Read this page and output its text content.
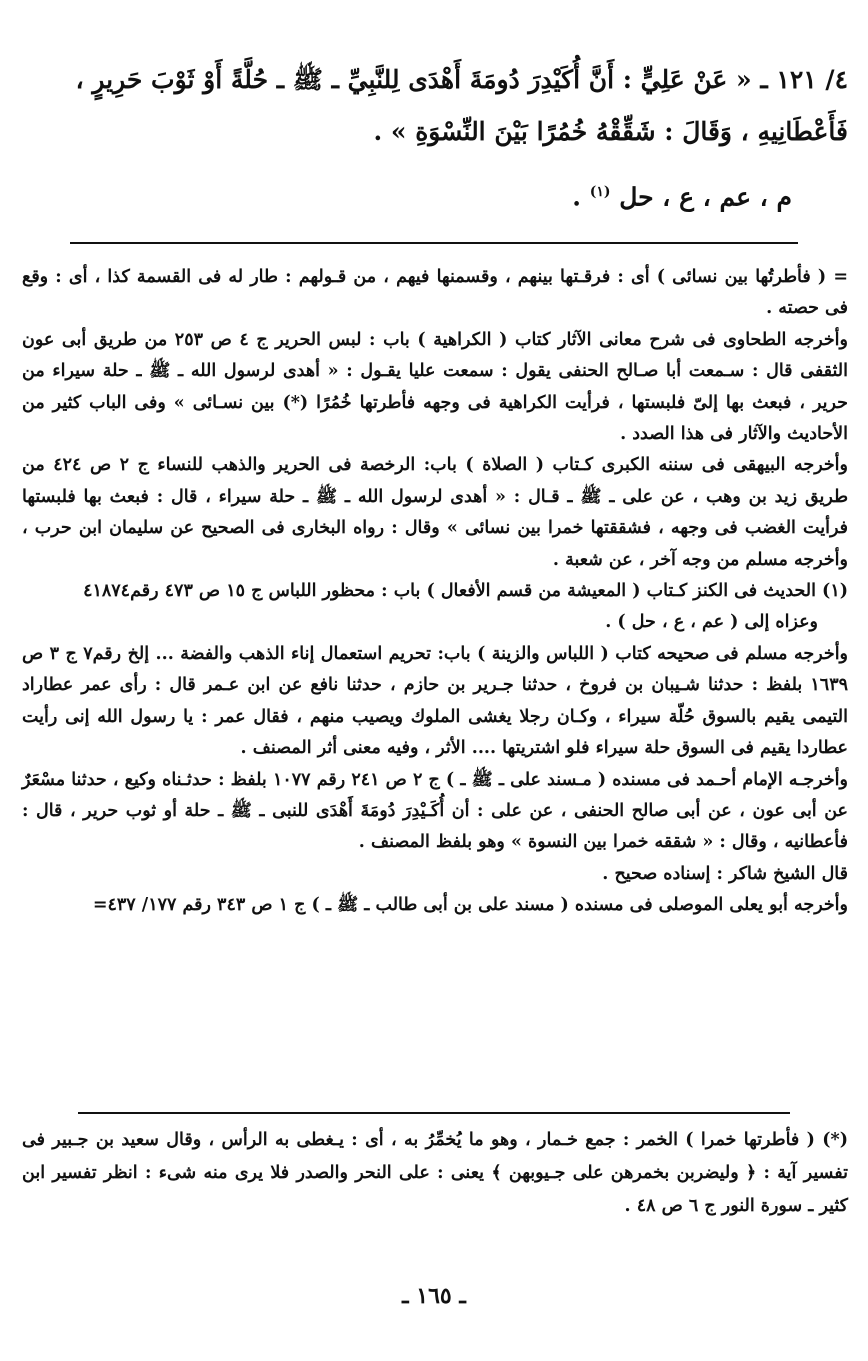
٤/ ١٢١ ـ « عَنْ عَلِيٍّ : أَنَّ أُكَيْدِرَ دُومَةَ أَهْدَى لِلنَّبِيِّ ـ ﷺ ـ حُلَّةً أَوْ ثَوْبَ حَرِيرٍ ،

فَأَعْطَانِيهِ ، وَقَالَ : شَقِّقْهُ خُمُرًا بَيْنَ النِّسْوَةِ » .

م ، عم ، ع ، حل $^{(١)}$ .

= ( فأطرتُها بين نسائى ) أى : فرقـتها بينهم ، وقسمنها فيهم ، من قـولهم : طار له فى القسمة كذا ، أى : وقع فى حصته .

وأخرجه الطحاوى فى شرح معانى الآثار كتاب ( الكراهية ) باب : لبس الحرير ج ٤ ص ٢٥٣ من طريق أبى عون الثقفى قال : سـمعت أبا صـالح الحنفى يقول : سمعت عليا يقـول : « أهدى لرسول الله ـ ﷺ ـ حلة سيراء من حرير ، فبعث بها إلىّ فلبستها ، فرأيت الكراهية فى وجهه فأطرتها خُمُرًا (*) بين نسـائى » وفى الباب كثير من الأحاديث والآثار فى هذا الصدد .

وأخرجه البيهقى فى سننه الكبرى كـتاب ( الصلاة ) باب: الرخصة فى الحرير والذهب للنساء ج ٢ ص ٤٢٤ من طريق زيد بن وهب ، عن على ـ ﷺ ـ قـال : « أهدى لرسول الله ـ ﷺ ـ حلة سيراء ، قال : فبعث بها فلبستها فرأيت الغضب فى وجهه ، فشققتها خمرا بين نسائى » وقال : رواه البخارى فى الصحيح عن سليمان ابن حرب ، وأخرجه مسلم من وجه آخر ، عن شعبة .

(١) الحديث فى الكنز كـتاب ( المعيشة من قسم الأفعال ) باب : محظور اللباس ج ١٥ ص ٤٧٣ رقم٤١٨٧٤

وعزاه إلى ( عم ، ع ، حل ) .

وأخرجه مسلم فى صحيحه كتاب ( اللباس والزينة ) باب: تحريم استعمال إناء الذهب والفضة ... إلخ رقم٧ ج ٣ ص ١٦٣٩ بلفظ : حدثنا شـيبان بن فروخ ، حدثنا جـرير بن حازم ، حدثنا نافع عن ابن عـمر قال : رأى عمر عطاراد التيمى يقيم بالسوق حُلّة سيراء ، وكـان رجلا يغشى الملوك ويصيب منهم ، فقال عمر : يا رسول الله إنى رأيت عطاردا يقيم فى السوق حلة سيراء فلو اشتريتها .... الأثر ، وفيه معنى أثر المصنف .

وأخرجـه الإمام أحـمد فى مسنده ( مـسند على ـ ﷺ ـ ) ج ٢ ص ٢٤١ رقم ١٠٧٧ بلفظ : حدثـناه وكيع ، حدثنا مسْعَرٌ عن أبى عون ، عن أبى صالح الحنفى ، عن على : أن أُكَـيْدِرَ دُومَةَ أَهْدَى للنبى ـ ﷺ ـ حلة أو ثوب حرير ، قال : فأعطانيه ، وقال : « شققه خمرا بين النسوة » وهو بلفظ المصنف .

قال الشيخ شاكر : إسناده صحيح .

وأخرجه أبو يعلى الموصلى فى مسنده ( مسند على بن أبى طالب ـ ﷺ ـ ) ج ١ ص ٣٤٣ رقم ١٧٧/ ٤٣٧=

(*) ( فأطرتها خمرا ) الخمر : جمع خـمار ، وهو ما يُخمِّرُ به ، أى : يـغطى به الرأس ، وقال سعيد بن جـبير فى تفسير آية : ﴿ وليضربن بخمرهن على جـيوبهن ﴾ يعنى : على النحر والصدر فلا يرى منه شىء : انظر تفسير ابن كثير ـ سورة النور ج ٦ ص ٤٨ .

ـ ١٦٥ ـ
